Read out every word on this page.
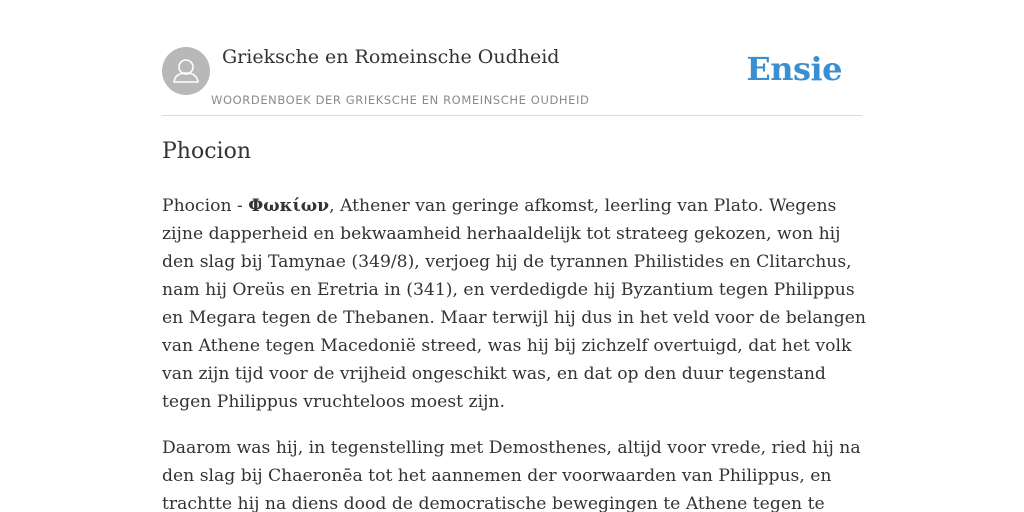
Grieksche en Romeinsche Oudheid
WOORDENBOEK DER GRIEKSCHE EN ROMEINSCHE OUDHEID
Ensie
Phocion

Phocion - Φωκίων, Athener van geringe afkomst, leerling van Plato. Wegens zijne dapperheid en bekwaamheid herhaaldelijk tot strateeg gekozen, won hij den slag bij Tamynae (349/8), verjoeg hij de tyrannen Philistides en Clitarchus, nam hij Oreüs en Eretria in (341), en verdedigde hij Byzantium tegen Philippus en Megara tegen de Thebanen. Maar terwijl hij dus in het veld voor de belangen van Athene tegen Macedonië streed, was hij bij zichzelf overtuigd, dat het volk van zijn tijd voor de vrijheid ongeschikt was, en dat op den duur tegenstand tegen Philippus vruchteloos moest zijn.

Daarom was hij, in tegenstelling met Demosthenes, altijd voor vrede, ried hij na den slag bij Chaeronēa tot het aannemen der voorwaarden van Philippus, en trachtte hij na diens dood de democratische bewegingen te Athene tegen te
